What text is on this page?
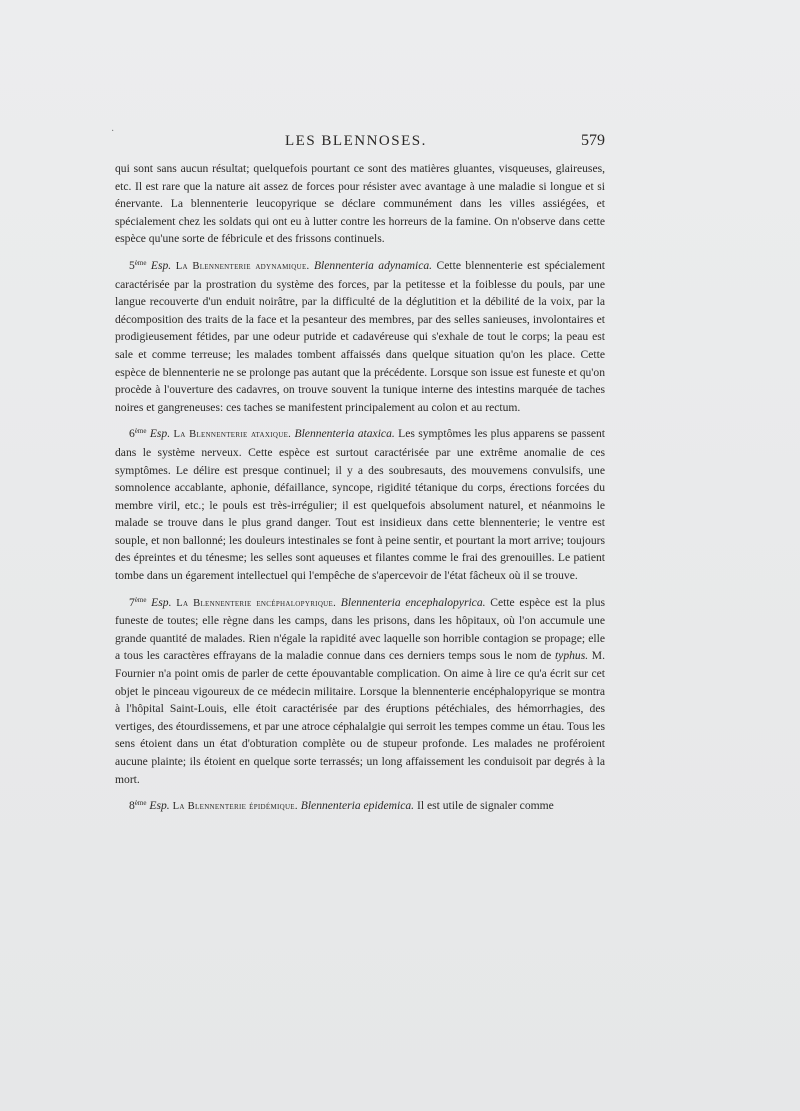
LES BLENNOSES.	579

qui sont sans aucun résultat; quelquefois pourtant ce sont des matières gluantes, visqueuses, glaireuses, etc. Il est rare que la nature ait assez de forces pour résister avec avantage à une maladie si longue et si énervante. La blennenterie leucopyrique se déclare communément dans les villes assiégées, et spécialement chez les soldats qui ont eu à lutter contre les horreurs de la famine. On n'observe dans cette espèce qu'une sorte de fébricule et des frissons continuels.

5ème Esp. La Blennenterie adynamique. Blennenteria adynamica. Cette blennenterie est spécialement caractérisée par la prostration du système des forces, par la petitesse et la foiblesse du pouls, par une langue recouverte d'un enduit noirâtre, par la difficulté de la déglutition et la débilité de la voix, par la décomposition des traits de la face et la pesanteur des membres, par des selles sanieuses, involontaires et prodigieusement fétides, par une odeur putride et cadavéreuse qui s'exhale de tout le corps; la peau est sale et comme terreuse; les malades tombent affaissés dans quelque situation qu'on les place. Cette espèce de blennenterie ne se prolonge pas autant que la précédente. Lorsque son issue est funeste et qu'on procède à l'ouverture des cadavres, on trouve souvent la tunique interne des intestins marquée de taches noires et gangreneuses: ces taches se manifestent principalement au colon et au rectum.

6ème Esp. La Blennenterie ataxique. Blennenteria ataxica. Les symptômes les plus apparens se passent dans le système nerveux. Cette espèce est surtout caractérisée par une extrême anomalie de ces symptômes. Le délire est presque continuel; il y a des soubresauts, des mouvemens convulsifs, une somnolence accablante, aphonie, défaillance, syncope, rigidité tétanique du corps, érections forcées du membre viril, etc.; le pouls est très-irrégulier; il est quelquefois absolument naturel, et néanmoins le malade se trouve dans le plus grand danger. Tout est insidieux dans cette blennenterie; le ventre est souple, et non ballonné; les douleurs intestinales se font à peine sentir, et pourtant la mort arrive; toujours des épreintes et du ténesme; les selles sont aqueuses et filantes comme le frai des grenouilles. Le patient tombe dans un égarement intellectuel qui l'empêche de s'apercevoir de l'état fâcheux où il se trouve.

7ème Esp. La Blennenterie encéphalopyrique. Blennenteria encephalopyrica. Cette espèce est la plus funeste de toutes; elle règne dans les camps, dans les prisons, dans les hôpitaux, où l'on accumule une grande quantité de malades. Rien n'égale la rapidité avec laquelle son horrible contagion se propage; elle a tous les caractères effrayans de la maladie connue dans ces derniers temps sous le nom de typhus. M. Fournier n'a point omis de parler de cette épouvantable complication. On aime à lire ce qu'a écrit sur cet objet le pinceau vigoureux de ce médecin militaire. Lorsque la blennenterie encéphalopyrique se montra à l'hôpital Saint-Louis, elle étoit caractérisée par des éruptions pétéchiales, des hémorrhagies, des vertiges, des étourdissemens, et par une atroce céphalalgie qui serroit les tempes comme un étau. Tous les sens étoient dans un état d'obturation complète ou de stupeur profonde. Les malades ne proféroient aucune plainte; ils étoient en quelque sorte terrassés; un long affaissement les conduisoit par degrés à la mort.

8ème Esp. La Blennenterie épidémique. Blennenteria epidemica. Il est utile de signaler comme

·
